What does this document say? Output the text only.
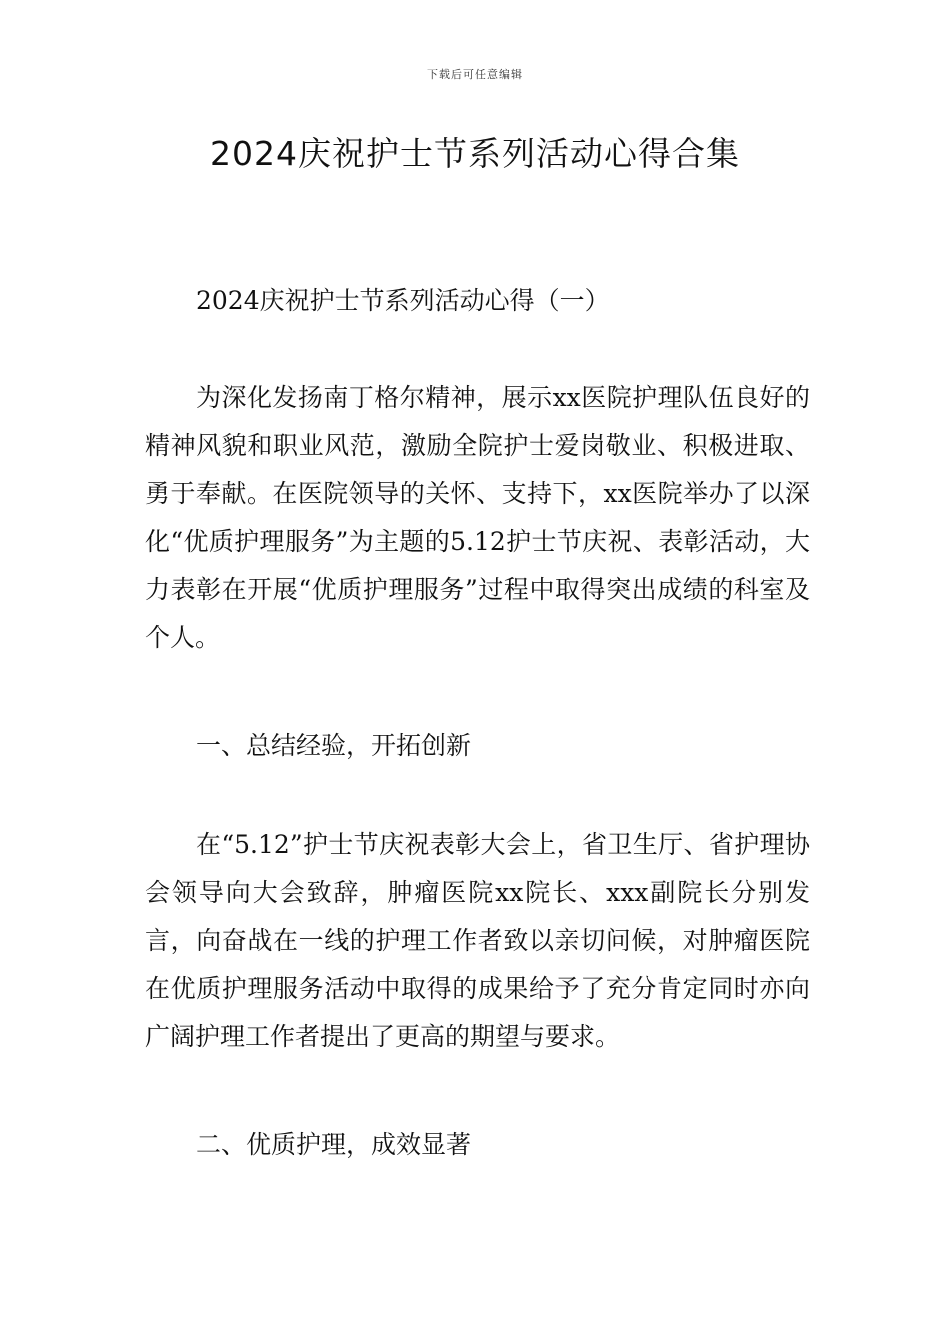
下载后可任意编辑
2024庆祝护士节系列活动心得合集
2024庆祝护士节系列活动心得（一）

为深化发扬南丁格尔精神，展示xx医院护理队伍良好的精神风貌和职业风范，激励全院护士爱岗敬业、积极进取、勇于奉献。在医院领导的关怀、支持下，xx医院举办了以深化“优质护理服务”为主题的5.12护士节庆祝、表彰活动，大力表彰在开展“优质护理服务”过程中取得突出成绩的科室及个人。

一、总结经验，开拓创新

在“5.12”护士节庆祝表彰大会上，省卫生厅、省护理协会领导向大会致辞，肿瘤医院xx院长、xxx副院长分别发言，向奋战在一线的护理工作者致以亲切问候，对肿瘤医院在优质护理服务活动中取得的成果给予了充分肯定同时亦向广阔护理工作者提出了更高的期望与要求。

二、优质护理，成效显著
